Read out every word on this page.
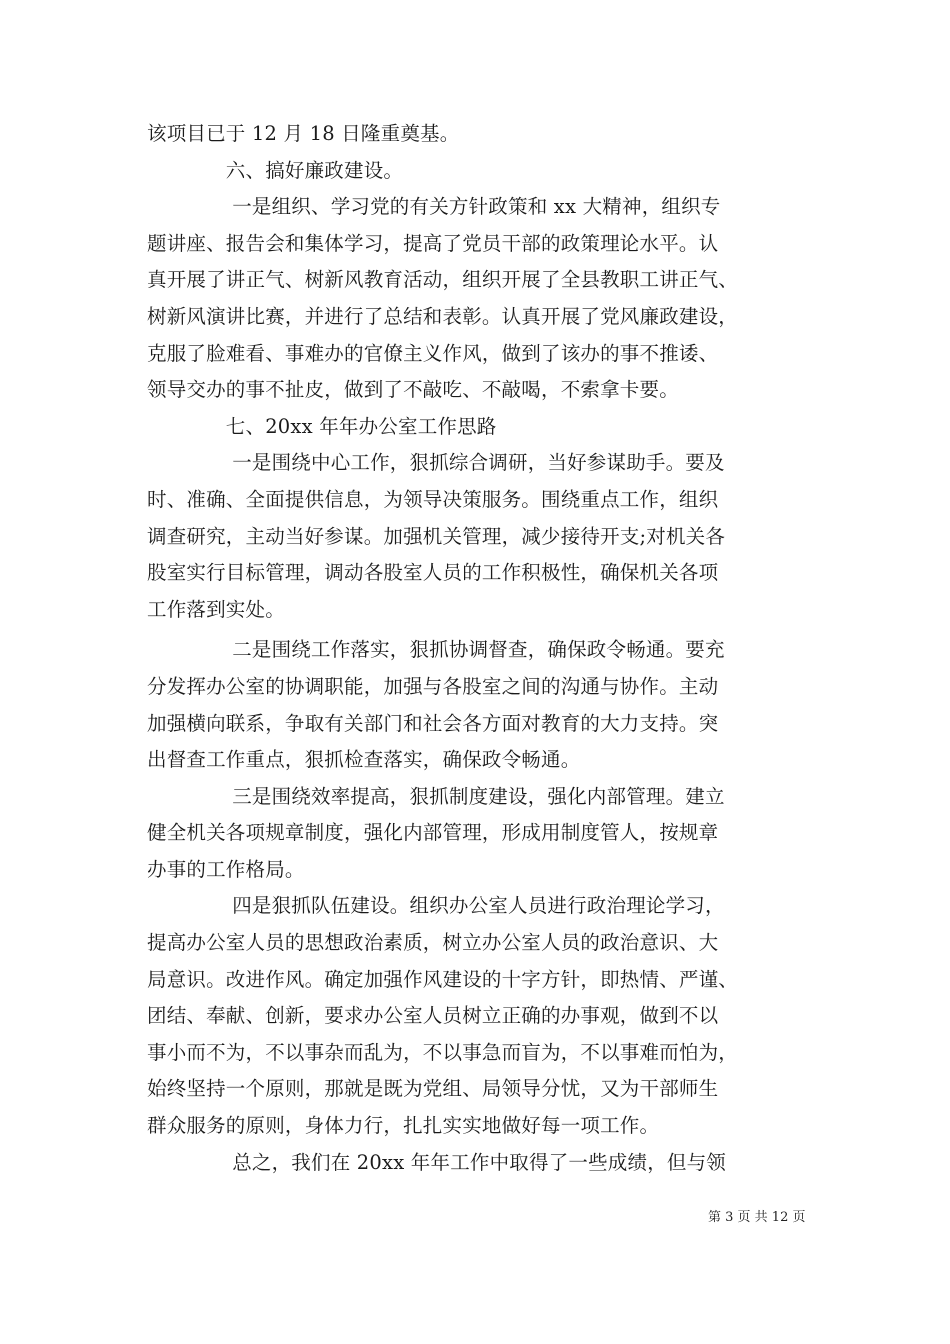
该项目已于 12 月 18 日隆重奠基。
　　　　六、搞好廉政建设。
　　　　 一是组织、学习党的有关方针政策和 xx 大精神，组织专
题讲座、报告会和集体学习，提高了党员干部的政策理论水平。认
真开展了讲正气、树新风教育活动，组织开展了全县教职工讲正气、
树新风演讲比赛，并进行了总结和表彰。认真开展了党风廉政建设，
克服了脸难看、事难办的官僚主义作风，做到了该办的事不推诿、
领导交办的事不扯皮，做到了不敲吃、不敲喝，不索拿卡要。
　　　　七、20xx 年年办公室工作思路
　　　　 一是围绕中心工作，狠抓综合调研，当好参谋助手。要及
时、准确、全面提供信息，为领导决策服务。围绕重点工作，组织
调查研究，主动当好参谋。加强机关管理，减少接待开支;对机关各
股室实行目标管理，调动各股室人员的工作积极性，确保机关各项
工作落到实处。
　　　　 二是围绕工作落实，狠抓协调督查，确保政令畅通。要充
分发挥办公室的协调职能，加强与各股室之间的沟通与协作。主动
加强横向联系，争取有关部门和社会各方面对教育的大力支持。突
出督查工作重点，狠抓检查落实，确保政令畅通。
　　　　 三是围绕效率提高，狠抓制度建设，强化内部管理。建立
健全机关各项规章制度，强化内部管理，形成用制度管人，按规章
办事的工作格局。
　　　　 四是狠抓队伍建设。组织办公室人员进行政治理论学习，
提高办公室人员的思想政治素质，树立办公室人员的政治意识、大
局意识。改进作风。确定加强作风建设的十字方针，即热情、严谨、
团结、奉献、创新，要求办公室人员树立正确的办事观，做到不以
事小而不为，不以事杂而乱为，不以事急而盲为，不以事难而怕为，
始终坚持一个原则，那就是既为党组、局领导分忧，又为干部师生
群众服务的原则，身体力行，扎扎实实地做好每一项工作。
　　　　 总之，我们在 20xx 年年工作中取得了一些成绩，但与领
第 3 页 共 12 页
